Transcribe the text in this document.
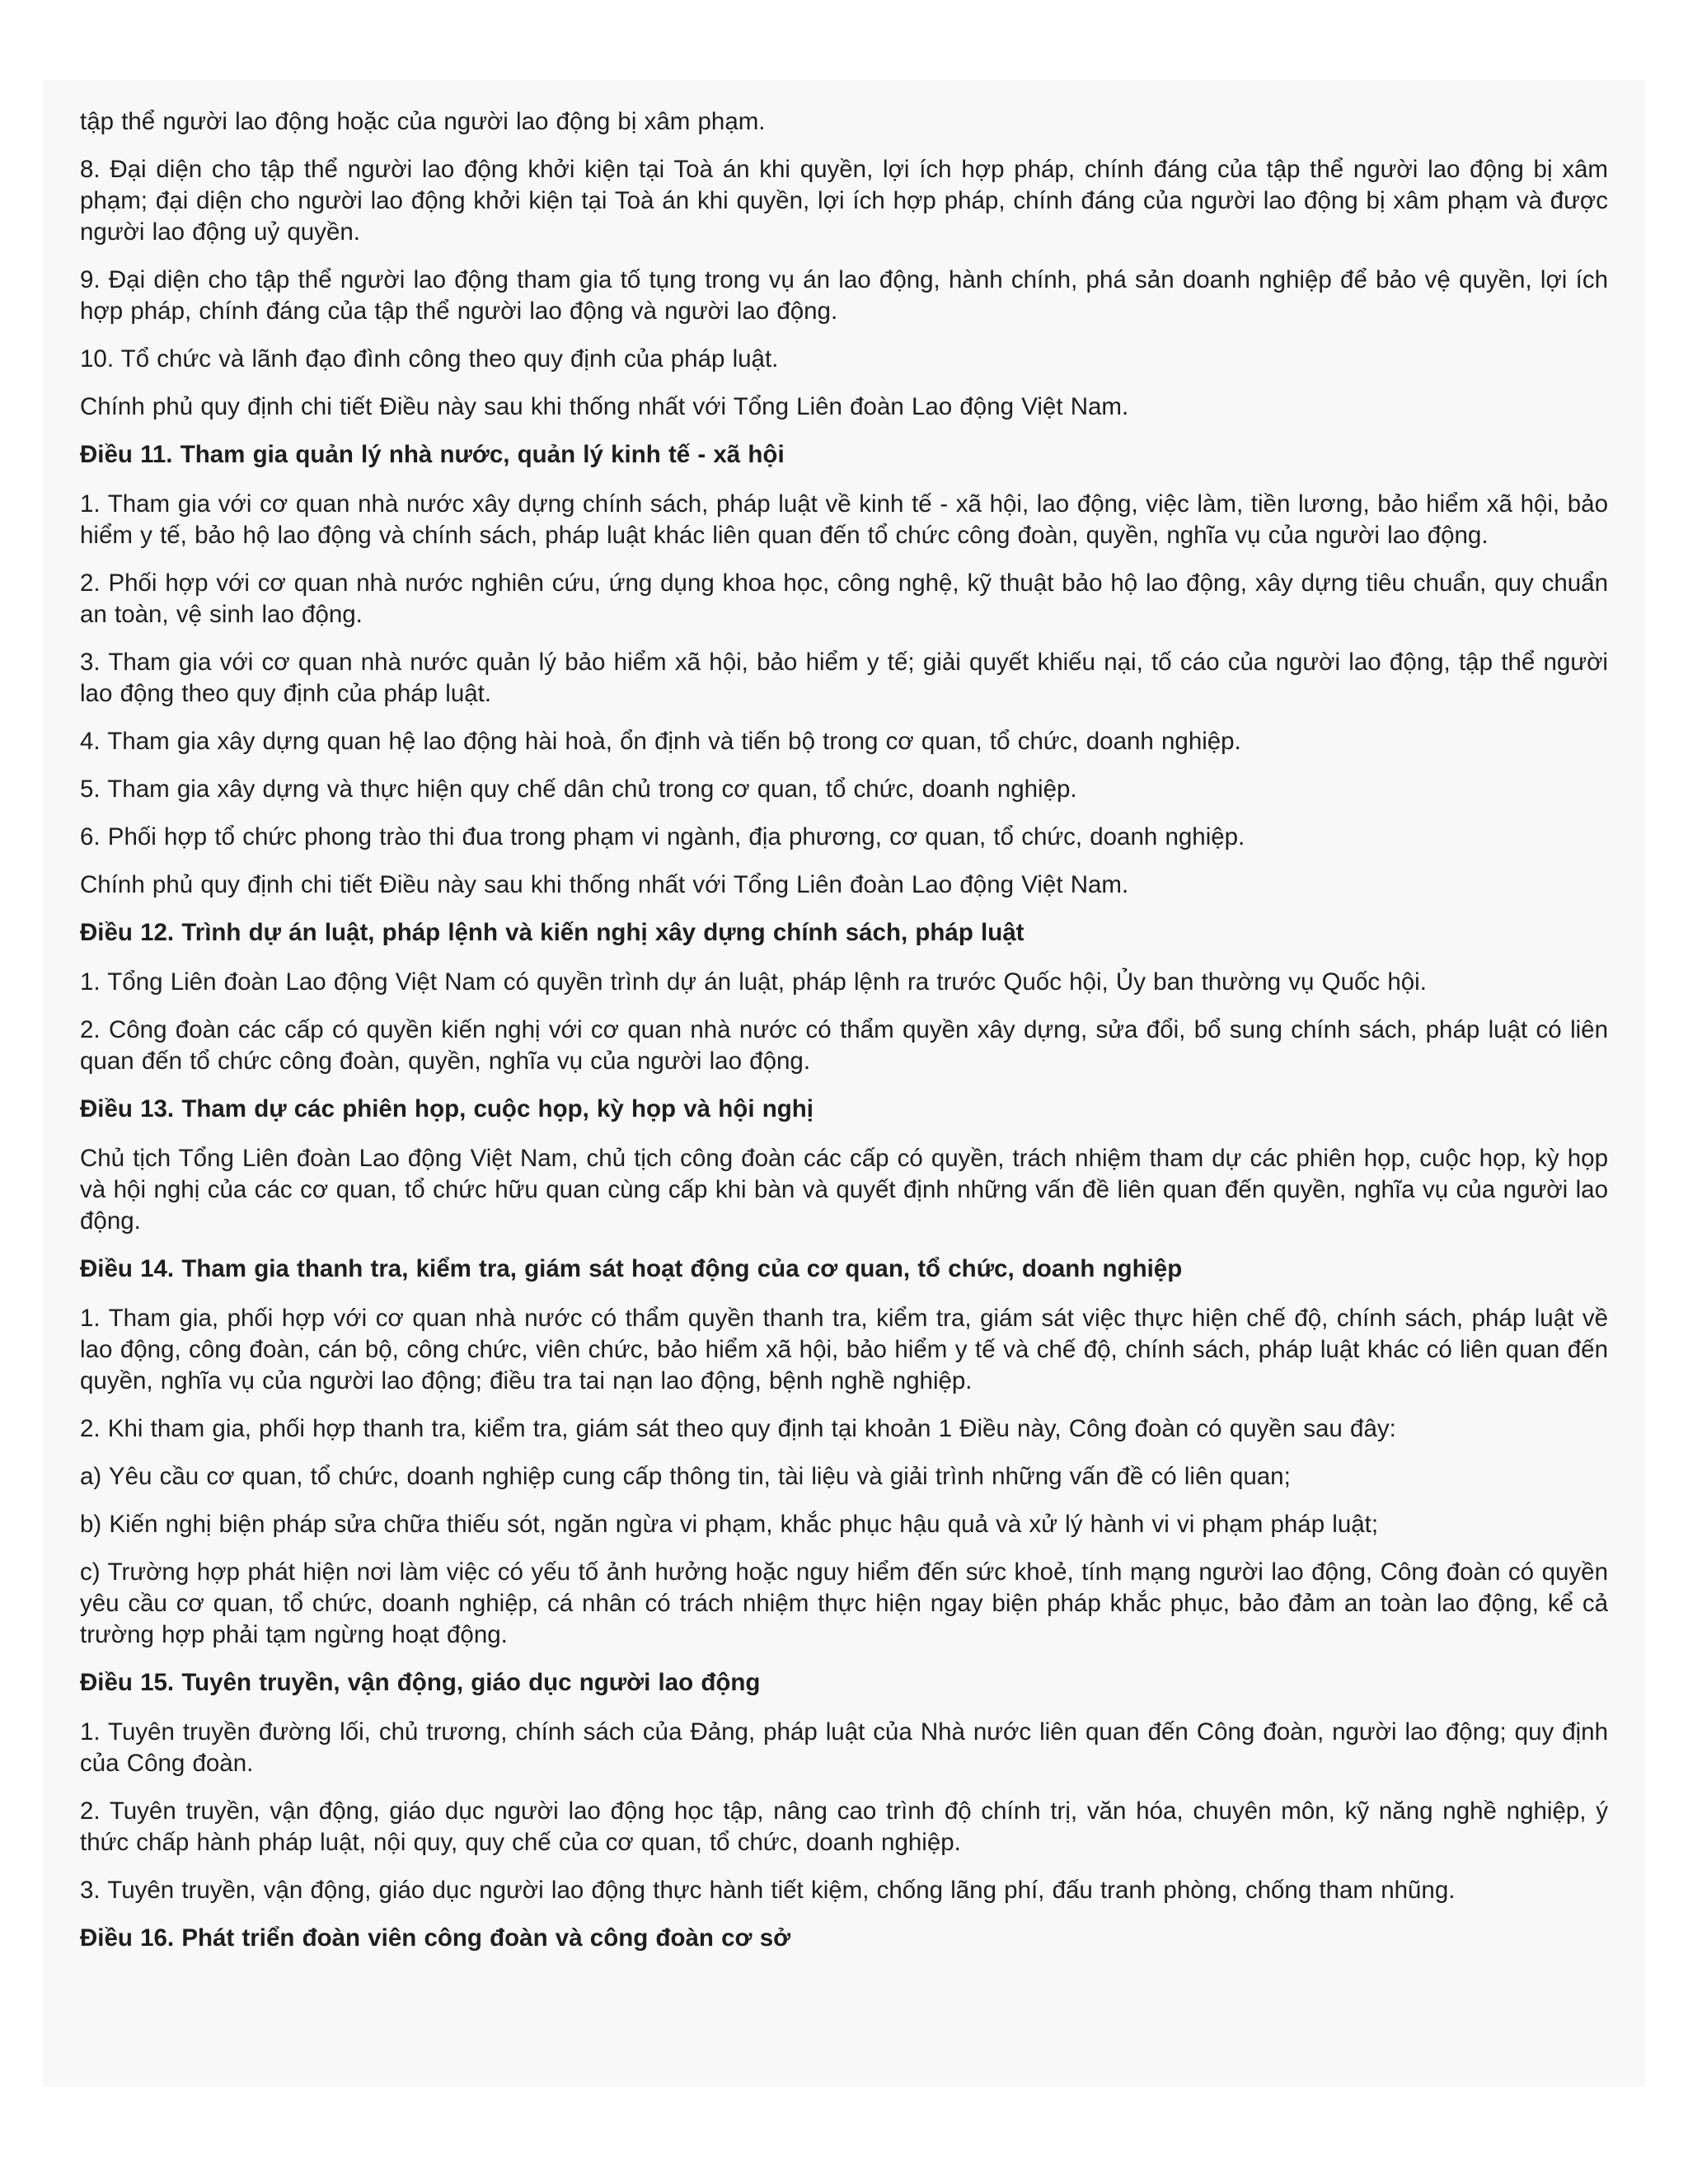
tập thể người lao động hoặc của người lao động bị xâm phạm.

8. Đại diện cho tập thể người lao động khởi kiện tại Toà án khi quyền, lợi ích hợp pháp, chính đáng của tập thể người lao động bị xâm phạm; đại diện cho người lao động khởi kiện tại Toà án khi quyền, lợi ích hợp pháp, chính đáng của người lao động bị xâm phạm và được người lao động uỷ quyền.

9. Đại diện cho tập thể người lao động tham gia tố tụng trong vụ án lao động, hành chính, phá sản doanh nghiệp để bảo vệ quyền, lợi ích hợp pháp, chính đáng của tập thể người lao động và người lao động.

10. Tổ chức và lãnh đạo đình công theo quy định của pháp luật.

Chính phủ quy định chi tiết Điều này sau khi thống nhất với Tổng Liên đoàn Lao động Việt Nam.

Điều 11. Tham gia quản lý nhà nước, quản lý kinh tế - xã hội

1. Tham gia với cơ quan nhà nước xây dựng chính sách, pháp luật về kinh tế - xã hội, lao động, việc làm, tiền lương, bảo hiểm xã hội, bảo hiểm y tế, bảo hộ lao động và chính sách, pháp luật khác liên quan đến tổ chức công đoàn, quyền, nghĩa vụ của người lao động.

2. Phối hợp với cơ quan nhà nước nghiên cứu, ứng dụng khoa học, công nghệ, kỹ thuật bảo hộ lao động, xây dựng tiêu chuẩn, quy chuẩn an toàn, vệ sinh lao động.

3. Tham gia với cơ quan nhà nước quản lý bảo hiểm xã hội, bảo hiểm y tế; giải quyết khiếu nại, tố cáo của người lao động, tập thể người lao động theo quy định của pháp luật.

4. Tham gia xây dựng quan hệ lao động hài hoà, ổn định và tiến bộ trong cơ quan, tổ chức, doanh nghiệp.

5. Tham gia xây dựng và thực hiện quy chế dân chủ trong cơ quan, tổ chức, doanh nghiệp.

6. Phối hợp tổ chức phong trào thi đua trong phạm vi ngành, địa phương, cơ quan, tổ chức, doanh nghiệp.

Chính phủ quy định chi tiết Điều này sau khi thống nhất với Tổng Liên đoàn Lao động Việt Nam.

Điều 12. Trình dự án luật, pháp lệnh và kiến nghị xây dựng chính sách, pháp luật

1. Tổng Liên đoàn Lao động Việt Nam có quyền trình dự án luật, pháp lệnh ra trước Quốc hội, Ủy ban thường vụ Quốc hội.

2. Công đoàn các cấp có quyền kiến nghị với cơ quan nhà nước có thẩm quyền xây dựng, sửa đổi, bổ sung chính sách, pháp luật có liên quan đến tổ chức công đoàn, quyền, nghĩa vụ của người lao động.

Điều 13. Tham dự các phiên họp, cuộc họp, kỳ họp và hội nghị

Chủ tịch Tổng Liên đoàn Lao động Việt Nam, chủ tịch công đoàn các cấp có quyền, trách nhiệm tham dự các phiên họp, cuộc họp, kỳ họp và hội nghị của các cơ quan, tổ chức hữu quan cùng cấp khi bàn và quyết định những vấn đề liên quan đến quyền, nghĩa vụ của người lao động.

Điều 14. Tham gia thanh tra, kiểm tra, giám sát hoạt động của cơ quan, tổ chức, doanh nghiệp

1. Tham gia, phối hợp với cơ quan nhà nước có thẩm quyền thanh tra, kiểm tra, giám sát việc thực hiện chế độ, chính sách, pháp luật về lao động, công đoàn, cán bộ, công chức, viên chức, bảo hiểm xã hội, bảo hiểm y tế và chế độ, chính sách, pháp luật khác có liên quan đến quyền, nghĩa vụ của người lao động; điều tra tai nạn lao động, bệnh nghề nghiệp.

2. Khi tham gia, phối hợp thanh tra, kiểm tra, giám sát theo quy định tại khoản 1 Điều này, Công đoàn có quyền sau đây:

a) Yêu cầu cơ quan, tổ chức, doanh nghiệp cung cấp thông tin, tài liệu và giải trình những vấn đề có liên quan;

b) Kiến nghị biện pháp sửa chữa thiếu sót, ngăn ngừa vi phạm, khắc phục hậu quả và xử lý hành vi vi phạm pháp luật;

c) Trường hợp phát hiện nơi làm việc có yếu tố ảnh hưởng hoặc nguy hiểm đến sức khoẻ, tính mạng người lao động, Công đoàn có quyền yêu cầu cơ quan, tổ chức, doanh nghiệp, cá nhân có trách nhiệm thực hiện ngay biện pháp khắc phục, bảo đảm an toàn lao động, kể cả trường hợp phải tạm ngừng hoạt động.

Điều 15. Tuyên truyền, vận động, giáo dục người lao động

1. Tuyên truyền đường lối, chủ trương, chính sách của Đảng, pháp luật của Nhà nước liên quan đến Công đoàn, người lao động; quy định của Công đoàn.

2. Tuyên truyền, vận động, giáo dục người lao động học tập, nâng cao trình độ chính trị, văn hóa, chuyên môn, kỹ năng nghề nghiệp, ý thức chấp hành pháp luật, nội quy, quy chế của cơ quan, tổ chức, doanh nghiệp.

3. Tuyên truyền, vận động, giáo dục người lao động thực hành tiết kiệm, chống lãng phí, đấu tranh phòng, chống tham nhũng.

Điều 16. Phát triển đoàn viên công đoàn và công đoàn cơ sở
